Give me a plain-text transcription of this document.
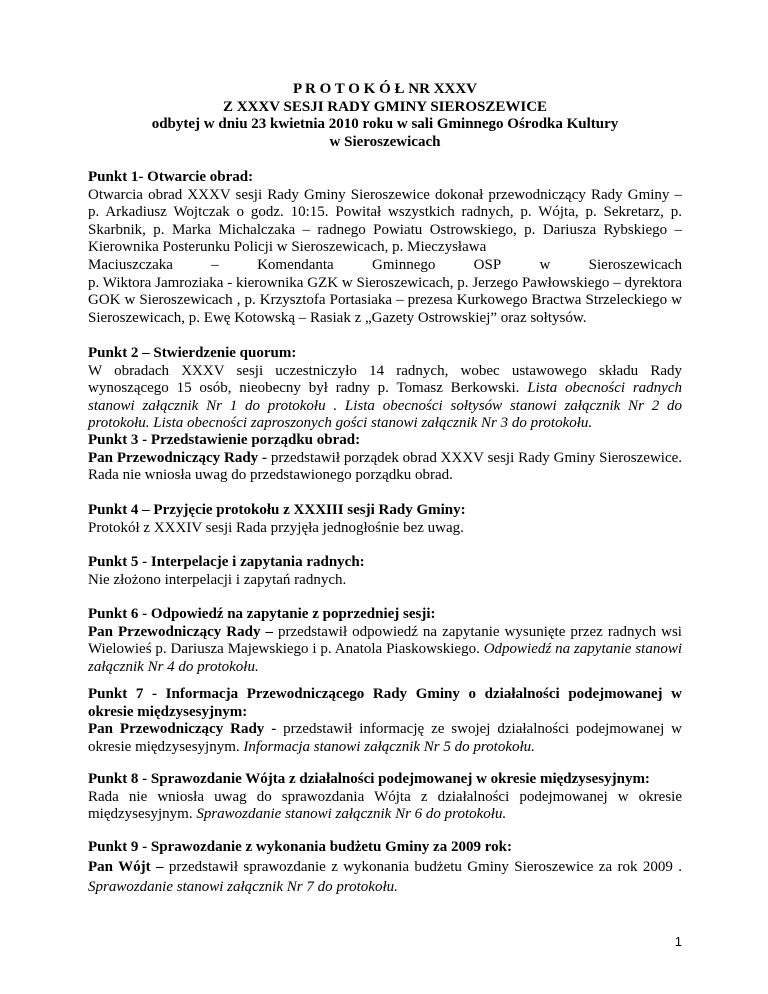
P R O T O K Ó Ł NR XXXV
Z XXXV SESJI RADY GMINY SIEROSZEWICE
odbytej w dniu 23 kwietnia 2010 roku w sali Gminnego Ośrodka Kultury
w Sieroszewicach
Punkt 1- Otwarcie obrad:
Otwarcia obrad XXXV sesji Rady Gminy Sieroszewice dokonał przewodniczący Rady Gminy – p. Arkadiusz Wojtczak o godz. 10:15. Powitał wszystkich radnych, p. Wójta, p. Sekretarz, p. Skarbnik, p. Marka Michalczaka – radnego Powiatu Ostrowskiego, p. Dariusza Rybskiego – Kierownika Posterunku Policji w Sieroszewicach, p. Mieczysława
Maciuszczaka	–	Komendanta	Gminnego	OSP	w	Sieroszewicach
p. Wiktora Jamroziaka - kierownika GZK w Sieroszewicach, p. Jerzego Pawłowskiego – dyrektora GOK w Sieroszewicach , p. Krzysztofa Portasiaka – prezesa Kurkowego Bractwa Strzeleckiego w Sieroszewicach, p. Ewę Kotowską – Rasiak z „Gazety Ostrowskiej” oraz sołtysów.
Punkt 2 – Stwierdzenie quorum:
W obradach XXXV sesji uczestniczyło 14 radnych, wobec ustawowego składu Rady wynoszącego 15 osób, nieobecny był radny p. Tomasz Berkowski. Lista obecności radnych stanowi załącznik Nr 1 do protokołu . Lista obecności sołtysów stanowi załącznik Nr 2 do protokołu. Lista obecności zaproszonych gości stanowi załącznik Nr 3 do protokołu.
Punkt 3 - Przedstawienie porządku obrad:
Pan Przewodniczący Rady - przedstawił porządek obrad XXXV sesji Rady Gminy Sieroszewice. Rada nie wniosła uwag do przedstawionego porządku obrad.
Punkt 4 – Przyjęcie protokołu z XXXIII sesji Rady Gminy:
Protokół z XXXIV sesji Rada przyjęła jednogłośnie bez uwag.
Punkt 5 - Interpelacje i zapytania radnych:
Nie złożono interpelacji i zapytań radnych.
Punkt 6 - Odpowiedź na zapytanie z poprzedniej sesji:
Pan Przewodniczący Rady – przedstawił odpowiedź na zapytanie wysunięte przez radnych wsi Wielowieś p. Dariusza Majewskiego i p. Anatola Piaskowskiego. Odpowiedź na zapytanie stanowi załącznik Nr 4 do protokołu.
Punkt 7 - Informacja Przewodniczącego Rady Gminy o działalności podejmowanej w okresie międzysesyjnym:
Pan Przewodniczący Rady - przedstawił informację ze swojej działalności podejmowanej w okresie międzysesyjnym. Informacja stanowi załącznik Nr 5 do protokołu.
Punkt 8 - Sprawozdanie Wójta z działalności podejmowanej w okresie międzysesyjnym:
Rada nie wniosła uwag do sprawozdania Wójta z działalności podejmowanej w okresie międzysesyjnym. Sprawozdanie stanowi załącznik Nr 6 do protokołu.
Punkt 9 - Sprawozdanie z wykonania budżetu Gminy za 2009 rok:
Pan Wójt – przedstawił sprawozdanie z wykonania budżetu Gminy Sieroszewice za rok 2009 . Sprawozdanie stanowi załącznik Nr 7 do protokołu.
1
